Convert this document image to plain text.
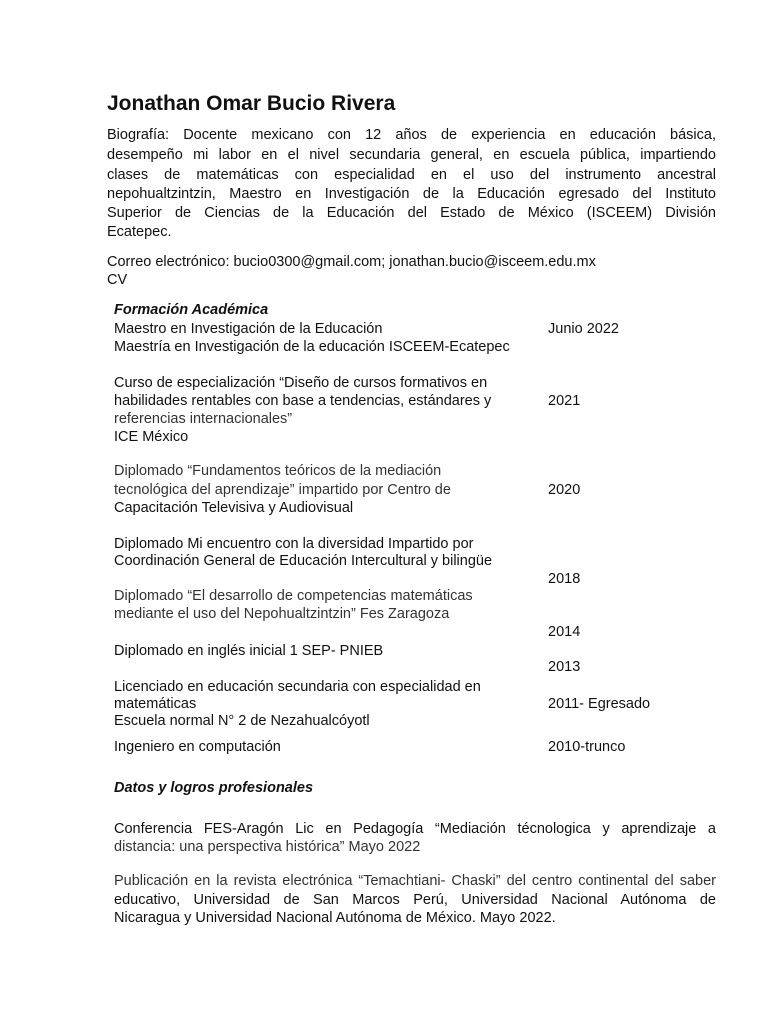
Jonathan Omar Bucio Rivera
Biografía: Docente mexicano con 12 años de experiencia en educación básica,
desempeño mi labor en el nivel secundaria general, en escuela pública, impartiendo
clases de matemáticas con especialidad en el uso del instrumento ancestral
nepohualtzintzin, Maestro en Investigación de la Educación egresado del Instituto
Superior de Ciencias de la Educación del Estado de México (ISCEEM) División
Ecatepec.
Correo electrónico: bucio0300@gmail.com; jonathan.bucio@isceem.edu.mx
CV
Formación Académica
Maestro en Investigación de la Educación
Maestría en Investigación de la educación ISCEEM-Ecatepec
Junio 2022
Curso de especialización “Diseño de cursos formativos en
habilidades rentables con base a tendencias, estándares y
referencias internacionales”
ICE México
2021
Diplomado “Fundamentos teóricos de la mediación
tecnológica del aprendizaje” impartido por Centro de
Capacitación Televisiva y Audiovisual
2020
Diplomado Mi encuentro con la diversidad Impartido por
Coordinación General de Educación Intercultural y bilingüe
2018
Diplomado “El desarrollo de competencias matemáticas
mediante el uso del Nepohualtzintzin” Fes Zaragoza
2014
Diplomado en inglés inicial 1 SEP- PNIEB
2013
Licenciado en educación secundaria con especialidad en
matemáticas
Escuela normal N° 2 de Nezahualcóyotl
2011- Egresado
Ingeniero en computación	2010-trunco
Datos y logros profesionales
Conferencia FES-Aragón Lic en Pedagogía “Mediación técnologica y aprendizaje a
distancia: una perspectiva histórica” Mayo 2022
Publicación en la revista electrónica “Temachtiani- Chaski” del centro continental del saber
educativo, Universidad de San Marcos Perú, Universidad Nacional Autónoma de
Nicaragua y Universidad Nacional Autónoma de México. Mayo 2022.
